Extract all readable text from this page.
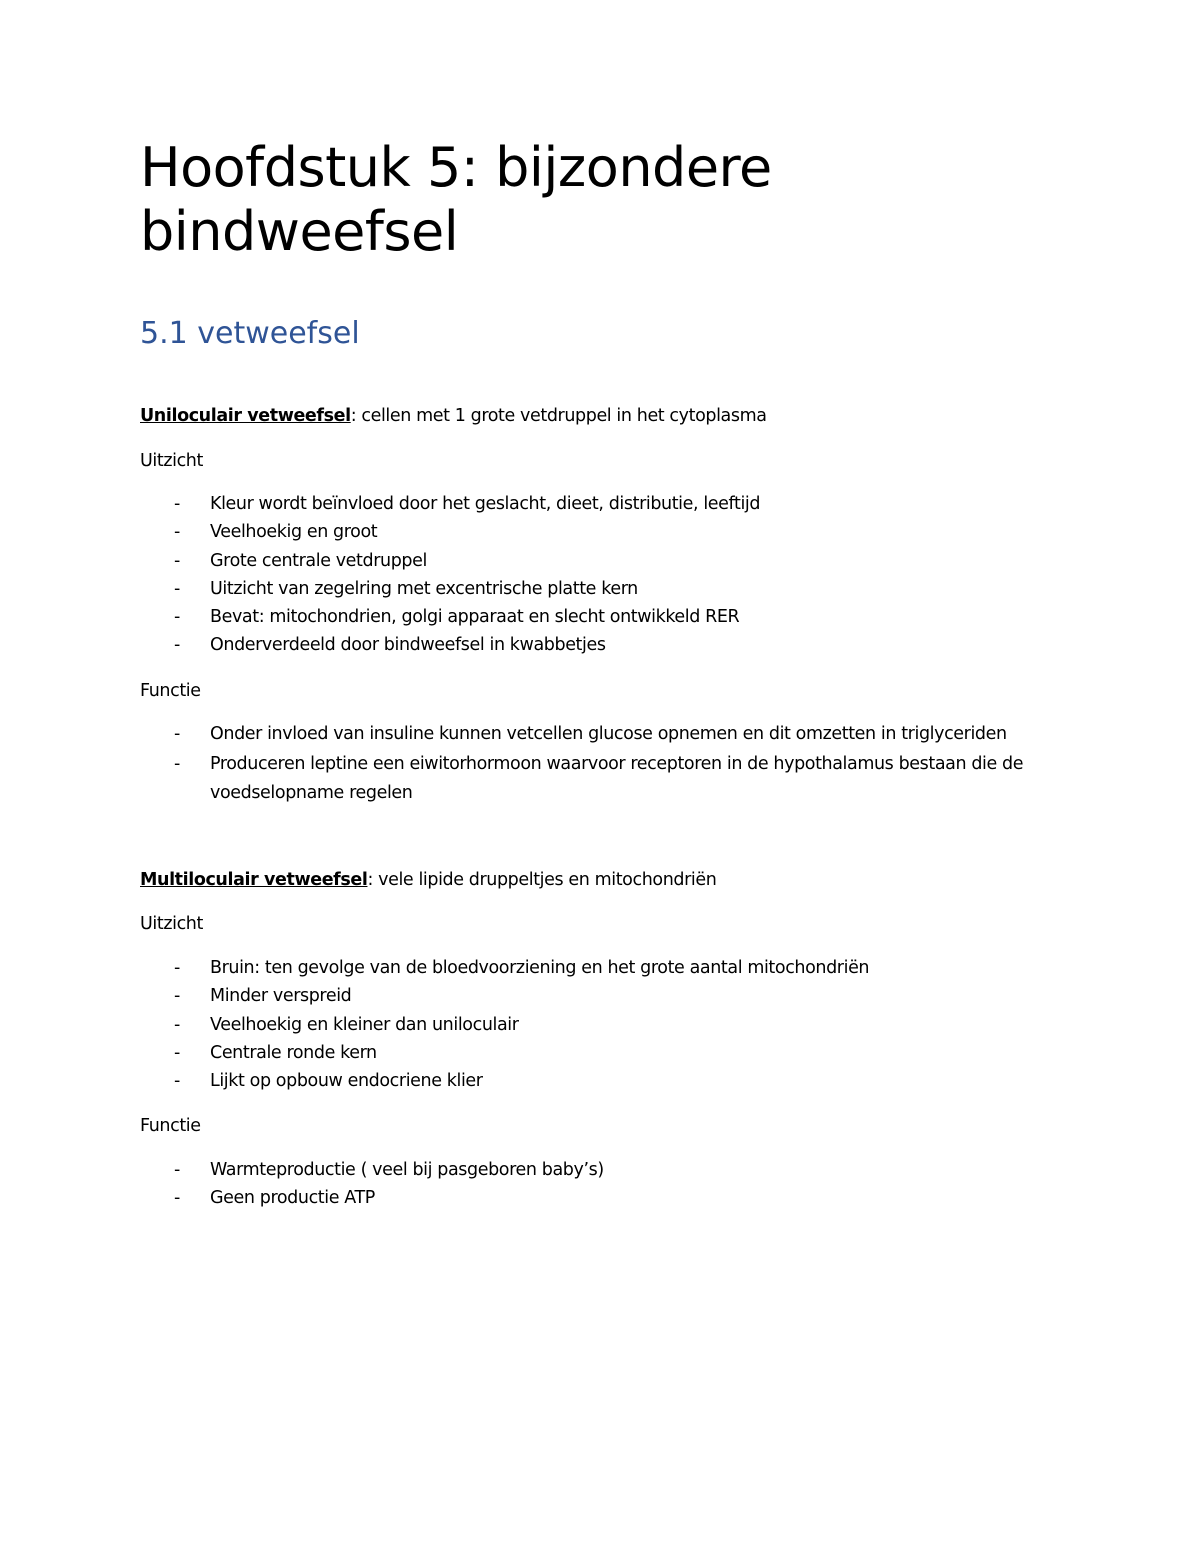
Hoofdstuk 5: bijzondere bindweefsel
5.1 vetweefsel

Uniloculair vetweefsel: cellen met 1 grote vetdruppel in het cytoplasma

Uitzicht

- Kleur wordt beïnvloed door het geslacht, dieet, distributie, leeftijd
- Veelhoekig en groot
- Grote centrale vetdruppel
- Uitzicht van zegelring met excentrische platte kern
- Bevat: mitochondrien, golgi apparaat en slecht ontwikkeld RER
- Onderverdeeld door bindweefsel in kwabbetjes

Functie

- Onder invloed van insuline kunnen vetcellen glucose opnemen en dit omzetten in triglyceriden
- Produceren leptine een eiwitorhormoon waarvoor receptoren in de hypothalamus bestaan die de voedselopname regelen

Multiloculair vetweefsel: vele lipide druppeltjes en mitochondriën

Uitzicht

- Bruin: ten gevolge van de bloedvoorziening en het grote aantal mitochondriën
- Minder verspreid
- Veelhoekig en kleiner dan uniloculair
- Centrale ronde kern
- Lijkt op opbouw endocriene klier

Functie

- Warmteproductie ( veel bij pasgeboren baby’s)
- Geen productie ATP
